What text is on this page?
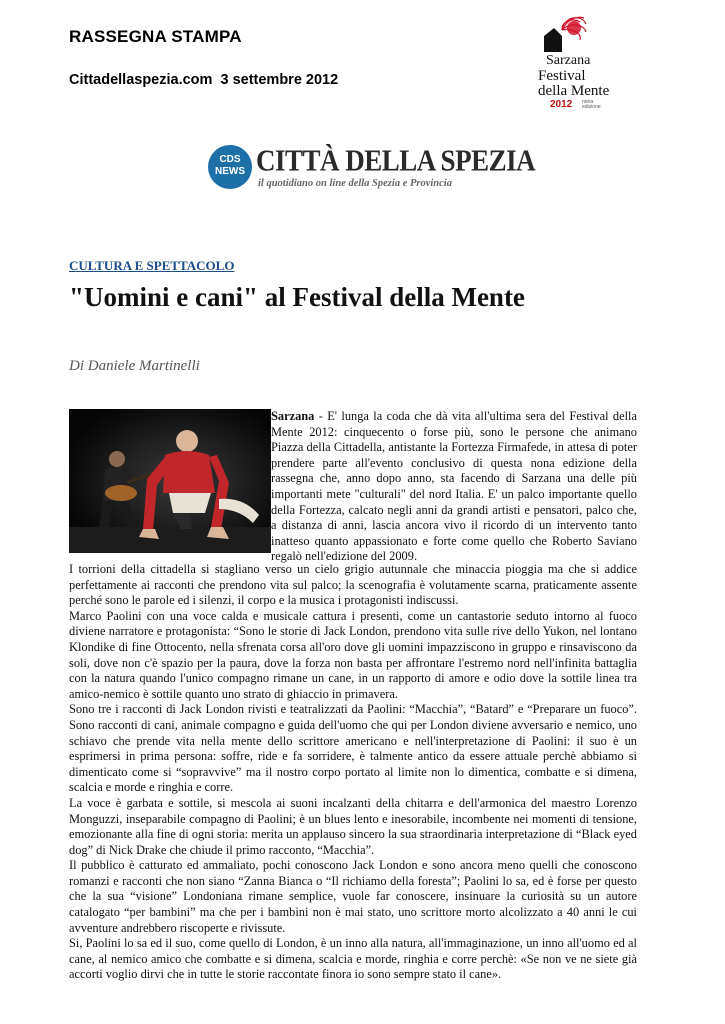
RASSEGNA STAMPA
Cittadellaspezia.com  3 settembre 2012
Sarzana
Festival
della Mente
2012 nona
edizione
CDS
NEWS CITTÀ DELLA SPEZIA
il quotidiano on line della Spezia e Provincia
CULTURA E SPETTACOLO
"Uomini e cani" al Festival della Mente
Di Daniele Martinelli
Sarzana - E' lunga la coda che dà vita all'ultima sera del Festival della Mente 2012: cinquecento o forse più, sono le persone che animano Piazza della Cittadella, antistante la Fortezza Firmafede, in attesa di poter prendere parte all'evento conclusivo di questa nona edizione della rassegna che, anno dopo anno, sta facendo di Sarzana una delle più importanti mete "culturali" del nord Italia. E' un palco importante quello della Fortezza, calcato negli anni da grandi artisti e pensatori, palco che, a distanza di anni, lascia ancora vivo il ricordo di un intervento tanto inatteso quanto appassionato e forte come quello che Roberto Saviano regalò nell'edizione del 2009.

I torrioni della cittadella si stagliano verso un cielo grigio autunnale che minaccia pioggia ma che si addice perfettamente ai racconti che prendono vita sul palco; la scenografia è volutamente scarna, praticamente assente perché sono le parole ed i silenzi, il corpo e la musica i protagonisti indiscussi.

Marco Paolini con una voce calda e musicale cattura i presenti, come un cantastorie seduto intorno al fuoco diviene narratore e protagonista: “Sono le storie di Jack London, prendono vita sulle rive dello Yukon, nel lontano Klondike di fine Ottocento, nella sfrenata corsa all'oro dove gli uomini impazziscono in gruppo e rinsaviscono da soli, dove non c'è spazio per la paura, dove la forza non basta per affrontare l'estremo nord nell'infinita battaglia con la natura quando l'unico compagno rimane un cane, in un rapporto di amore e odio dove la sottile linea tra amico-nemico è sottile quanto uno strato di ghiaccio in primavera.

Sono tre i racconti di Jack London rivisti e teatralizzati da Paolini: “Macchia”, “Batard” e “Preparare un fuoco”. Sono racconti di cani, animale compagno e guida dell'uomo che qui per London diviene avversario e nemico, uno schiavo che prende vita nella mente dello scrittore americano e nell'interpretazione di Paolini: il suo è un esprimersi in prima persona: soffre, ride e fa sorridere, è talmente antico da essere attuale perchè abbiamo si dimenticato come si “sopravvive” ma il nostro corpo portato al limite non lo dimentica, combatte e si dimena, scalcia e morde e ringhia e corre.

La voce è garbata e sottile, si mescola ai suoni incalzanti della chitarra e dell'armonica del maestro Lorenzo Monguzzi, inseparabile compagno di Paolini; è un blues lento e inesorabile, incombente nei momenti di tensione, emozionante alla fine di ogni storia: merita un applauso sincero la sua straordinaria interpretazione di “Black eyed dog” di Nick Drake che chiude il primo racconto, “Macchia”.

Il pubblico è catturato ed ammaliato, pochi conoscono Jack London e sono ancora meno quelli che conoscono romanzi e racconti che non siano “Zanna Bianca o “Il richiamo della foresta”; Paolini lo sa, ed è forse per questo che la sua “visione” Londoniana rimane semplice, vuole far conoscere, insinuare la curiosità su un autore catalogato “per bambini” ma che per i bambini non è mai stato, uno scrittore morto alcolizzato a 40 anni le cui avventure andrebbero riscoperte e rivissute.

Si, Paolini lo sa ed il suo, come quello di London, è un inno alla natura, all'immaginazione, un inno all'uomo ed al cane, al nemico amico che combatte e si dimena, scalcia e morde, ringhia e corre perchè: «Se non ve ne siete già accorti voglio dirvi che in tutte le storie raccontate finora io sono sempre stato il cane».
